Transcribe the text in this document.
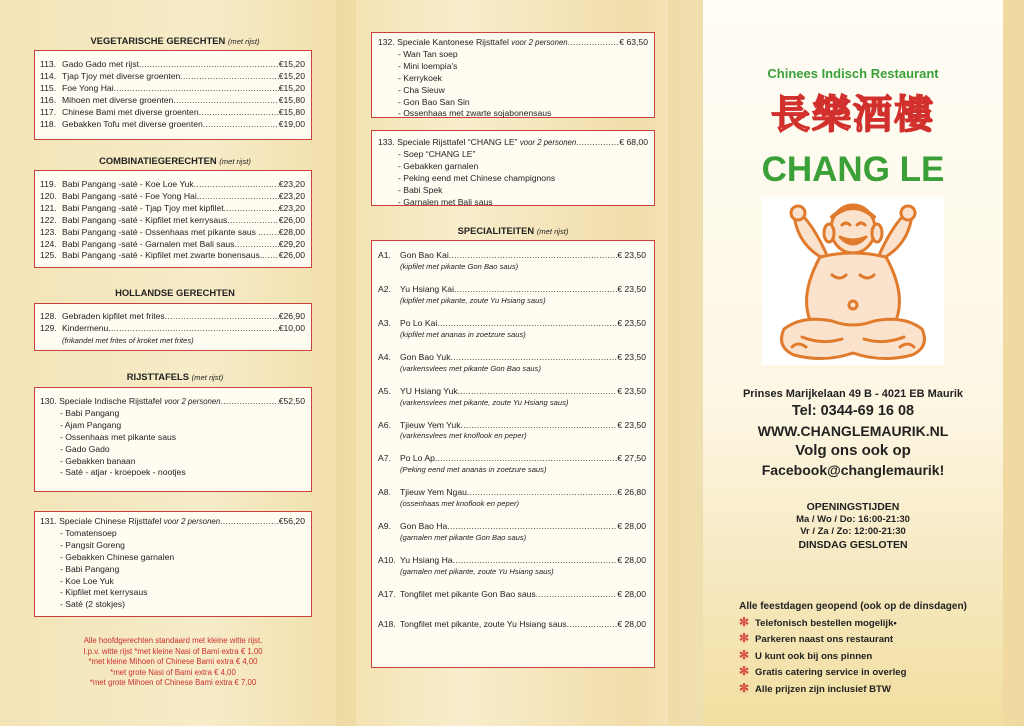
VEGETARISCHE GERECHTEN (met rijst)
113. Gado Gado met rijst .....	€15,20
114. Tjap Tjoy met diverse groenten .....	€15,20
115. Foe Yong Hai .....	€15,20
116. Mihoen met diverse groenten .....	€15,80
117. Chinese Bami met diverse groenten .....	€15,80
118. Gebakken Tofu met diverse groenten .....	€19,00
COMBINATIEGERECHTEN (met rijst)
119. Babi Pangang -saté - Koe Loe Yuk .....	€23,20
120. Babi Pangang -saté - Foe Yong Hai .....	€23,20
121. Babi Pangang -saté - Tjap Tjoy met kipfilet .....	€23,20
122. Babi Pangang -saté - Kipfilet met kerrysaus .....	€26,00
123. Babi Pangang -saté - Ossenhaas met pikante saus . .....	€28,00
124. Babi Pangang -saté - Garnalen met Bali saus .....	€29,20
125. Babi Pangang -saté - Kipfilet met zwarte bonensaus. .....	€26,00
HOLLANDSE GERECHTEN
128. Gebraden kipfilet met frites .....	€26,90
129. Kindermenu .....	€10,00
(frikandel met frites of kroket met frites)
RIJSTTAFELS (met rijst)
130. Speciale Indische Rijsttafel
voor 2 personen .....	€52,50
- Babi Pangang
- Ajam Pangang
- Ossenhaas met pikante saus
- Gado Gado
- Gebakken banaan
- Saté - atjar - kroepoek - nootjes
131. Speciale Chinese Rijsttafel
voor 2 personen .....	€56,20
- Tomatensoep
- Pangsit Goreng
- Gebakken Chinese garnalen
- Babi Pangang
- Koe Loe Yuk
- Kipfilet met kerrysaus
- Saté (2 stokjes)
Alle hoofdgerechten standaard met kleine witte rijst.
I.p.v. witte rijst *met kleine Nasi of Bami extra € 1,00
*met kleine Mihoen of Chinese Bami extra € 4,00
*met grote Nasi of Bami extra € 4,00
*met grote Mihoen of Chinese Bami extra € 7,00
132. Speciale Kantonese Rijsttafel
voor 2 personen .....	€ 63,50
- Wan Tan soep
- Mini loempia's
- Kerrykoek
- Cha Sieuw
- Gon Bao San Sin
- Ossenhaas met zwarte sojabonensaus
133. Speciale Rijsttafel “CHANG LE”
voor 2 personen .....	€ 68,00
- Soep “CHANG LE”
- Gebakken garnalen
- Peking eend met Chinese champignons
- Babi Spek
- Garnalen met Bali saus
SPECIALITEITEN (met rijst)
A1.	Gon Bao Kai .....	€ 23,50
(kipfilet met pikante Gon Bao saus)
A2.	Yu Hsiang Kai .....	€ 23,50
(kipfilet met pikante, zoute Yu Hsiang saus)
A3.	Po Lo Kai .....	€ 23,50
(kipfilet met ananas in zoetzure saus)
A4.	Gon Bao Yuk .....	€ 23,50
(varkensvlees met pikante Gon Bao saus)
A5.	YU Hsiang Yuk .....	€ 23,50
(varkensvlees met pikante, zoute Yu Hsiang saus)
A6.	Tjieuw Yem Yuk .....	€ 23,50
(varkensvlees met knoflook en peper)
A7.	Po Lo Ap .....	€ 27,50
(Peking eend met ananas in zoetzure saus)
A8.	Tjieuw Yem Ngau .....	€ 26,80
(ossenhaas met knoflook en peper)
A9.	Gon Bao Ha .....	€ 28,00
(garnalen met pikante Gon Bao saus)
A10. Yu Hsiang Ha .....	€ 28,00
(garnalen met pikante, zoute Yu Hsiang saus)
A17. Tongfilet met pikante Gon Bao saus .....	€ 28,00
A18. Tongfilet met pikante, zoute Yu Hsiang saus .....	€ 28,00
Chinees Indisch Restaurant
長樂酒樓
CHANG LE
Prinses Marijkelaan 49 B - 4021 EB Maurik
Tel: 0344-69 16 08
WWW.CHANGLEMAURIK.NL
Volg ons ook op
Facebook@changlemaurik!
OPENINGSTIJDEN
Ma / Wo / Do: 16:00-21:30
Vr / Za / Zo: 12:00-21:30
DINSDAG GESLOTEN
Alle feestdagen geopend (ook op de dinsdagen)
✻ Telefonisch bestellen mogelijk•
✻ Parkeren naast ons restaurant
✻ U kunt ook bij ons pinnen
✻ Gratis catering service in overleg
✻ Alle prijzen zijn inclusief BTW
